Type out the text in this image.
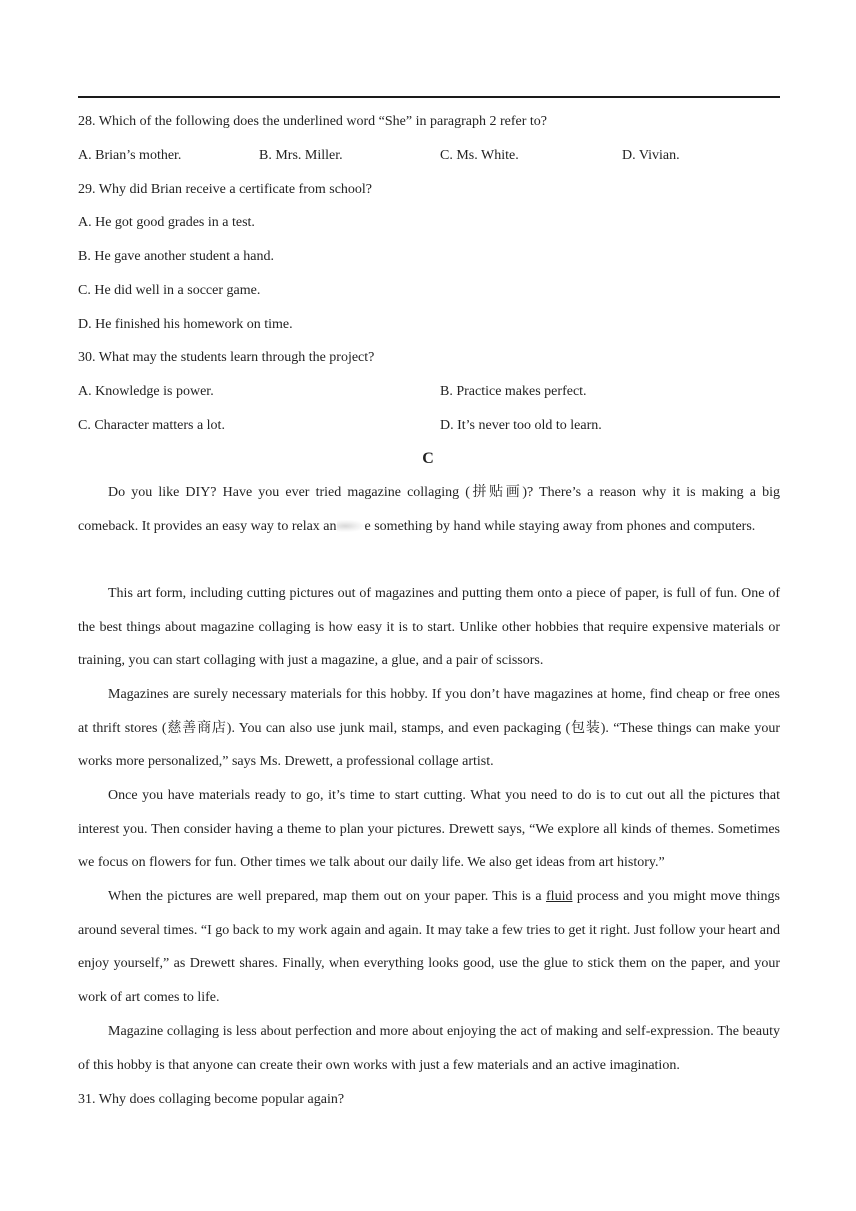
28. Which of the following does the underlined word “She” in paragraph 2 refer to?
A. Brian’s mother.	B. Mrs. Miller.	C. Ms. White.	D. Vivian.
29. Why did Brian receive a certificate from school?
A. He got good grades in a test.
B. He gave another student a hand.
C. He did well in a soccer game.
D. He finished his homework on time.
30. What may the students learn through the project?
A. Knowledge is power.	B. Practice makes perfect.
C. Character matters a lot.	D. It’s never too old to learn.
C

Do you like DIY? Have you ever tried magazine collaging (拼贴画)? There’s a reason why it is making a big comeback. It provides an easy way to relax an e something by hand while staying away from phones and computers.

This art form, including cutting pictures out of magazines and putting them onto a piece of paper, is full of fun. One of the best things about magazine collaging is how easy it is to start. Unlike other hobbies that require expensive materials or training, you can start collaging with just a magazine, a glue, and a pair of scissors.

Magazines are surely necessary materials for this hobby. If you don’t have magazines at home, find cheap or free ones at thrift stores (慈善商店). You can also use junk mail, stamps, and even packaging (包装). “These things can make your works more personalized,” says Ms. Drewett, a professional collage artist.

Once you have materials ready to go, it’s time to start cutting. What you need to do is to cut out all the pictures that interest you. Then consider having a theme to plan your pictures. Drewett says, “We explore all kinds of themes. Sometimes we focus on flowers for fun. Other times we talk about our daily life. We also get ideas from art history.”

When the pictures are well prepared, map them out on your paper. This is a fluid process and you might move things around several times. “I go back to my work again and again. It may take a few tries to get it right. Just follow your heart and enjoy yourself,” as Drewett shares. Finally, when everything looks good, use the glue to stick them on the paper, and your work of art comes to life.

Magazine collaging is less about perfection and more about enjoying the act of making and self-expression. The beauty of this hobby is that anyone can create their own works with just a few materials and an active imagination.

31. Why does collaging become popular again?
